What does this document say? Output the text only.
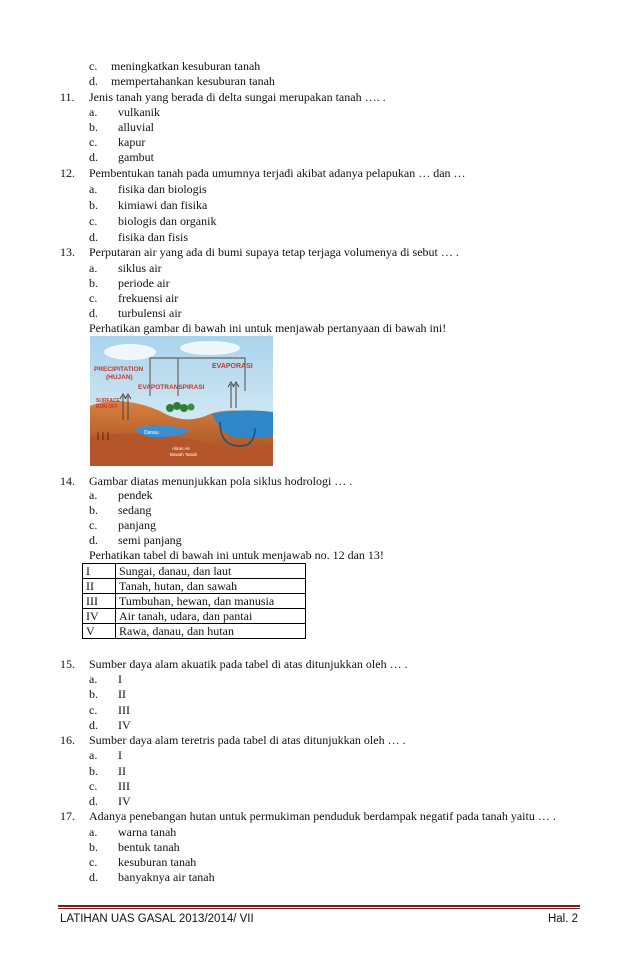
c. meningkatkan kesuburan tanah
d. mempertahankan kesuburan tanah
11. Jenis tanah yang berada di delta sungai merupakan tanah …. .
a. vulkanik
b. alluvial
c. kapur
d. gambut
12. Pembentukan tanah pada umumnya terjadi akibat adanya pelapukan … dan …
a. fisika dan biologis
b. kimiawi dan fisika
c. biologis dan organik
d. fisika dan fisis
13. Perputaran air yang ada di bumi supaya tetap terjaga volumenya di sebut … .
a. siklus air
b. periode air
c. frekuensi air
d. turbulensi air
Perhatikan gambar di bawah ini untuk menjawab pertanyaan di bawah ini!
PRECIPITATION
(HUJAN)
EVAPORASI
EVAPOTRANSPIRASI
SURFACE
RUN OFF
Danau
Aliran Air
Bawah Tanah
14. Gambar diatas menunjukkan pola siklus hodrologi … .
a. pendek
b. sedang
c. panjang
d. semi panjang
Perhatikan tabel di bawah ini untuk menjawab no. 12 dan 13!
I	Sungai, danau, dan laut
II	Tanah, hutan, dan sawah
III	Tumbuhan, hewan, dan manusia
IV	Air tanah, udara, dan pantai
V	Rawa, danau, dan hutan
15. Sumber daya alam akuatik pada tabel di atas ditunjukkan oleh … .
a. I
b. II
c. III
d. IV
16. Sumber daya alam teretris pada tabel di atas ditunjukkan oleh … .
a. I
b. II
c. III
d. IV
17. Adanya penebangan hutan untuk permukiman penduduk berdampak negatif pada tanah yaitu … .
a. warna tanah
b. bentuk tanah
c. kesuburan tanah
d. banyaknya air tanah
LATIHAN UAS GASAL 2013/2014/ VII	Hal. 2
